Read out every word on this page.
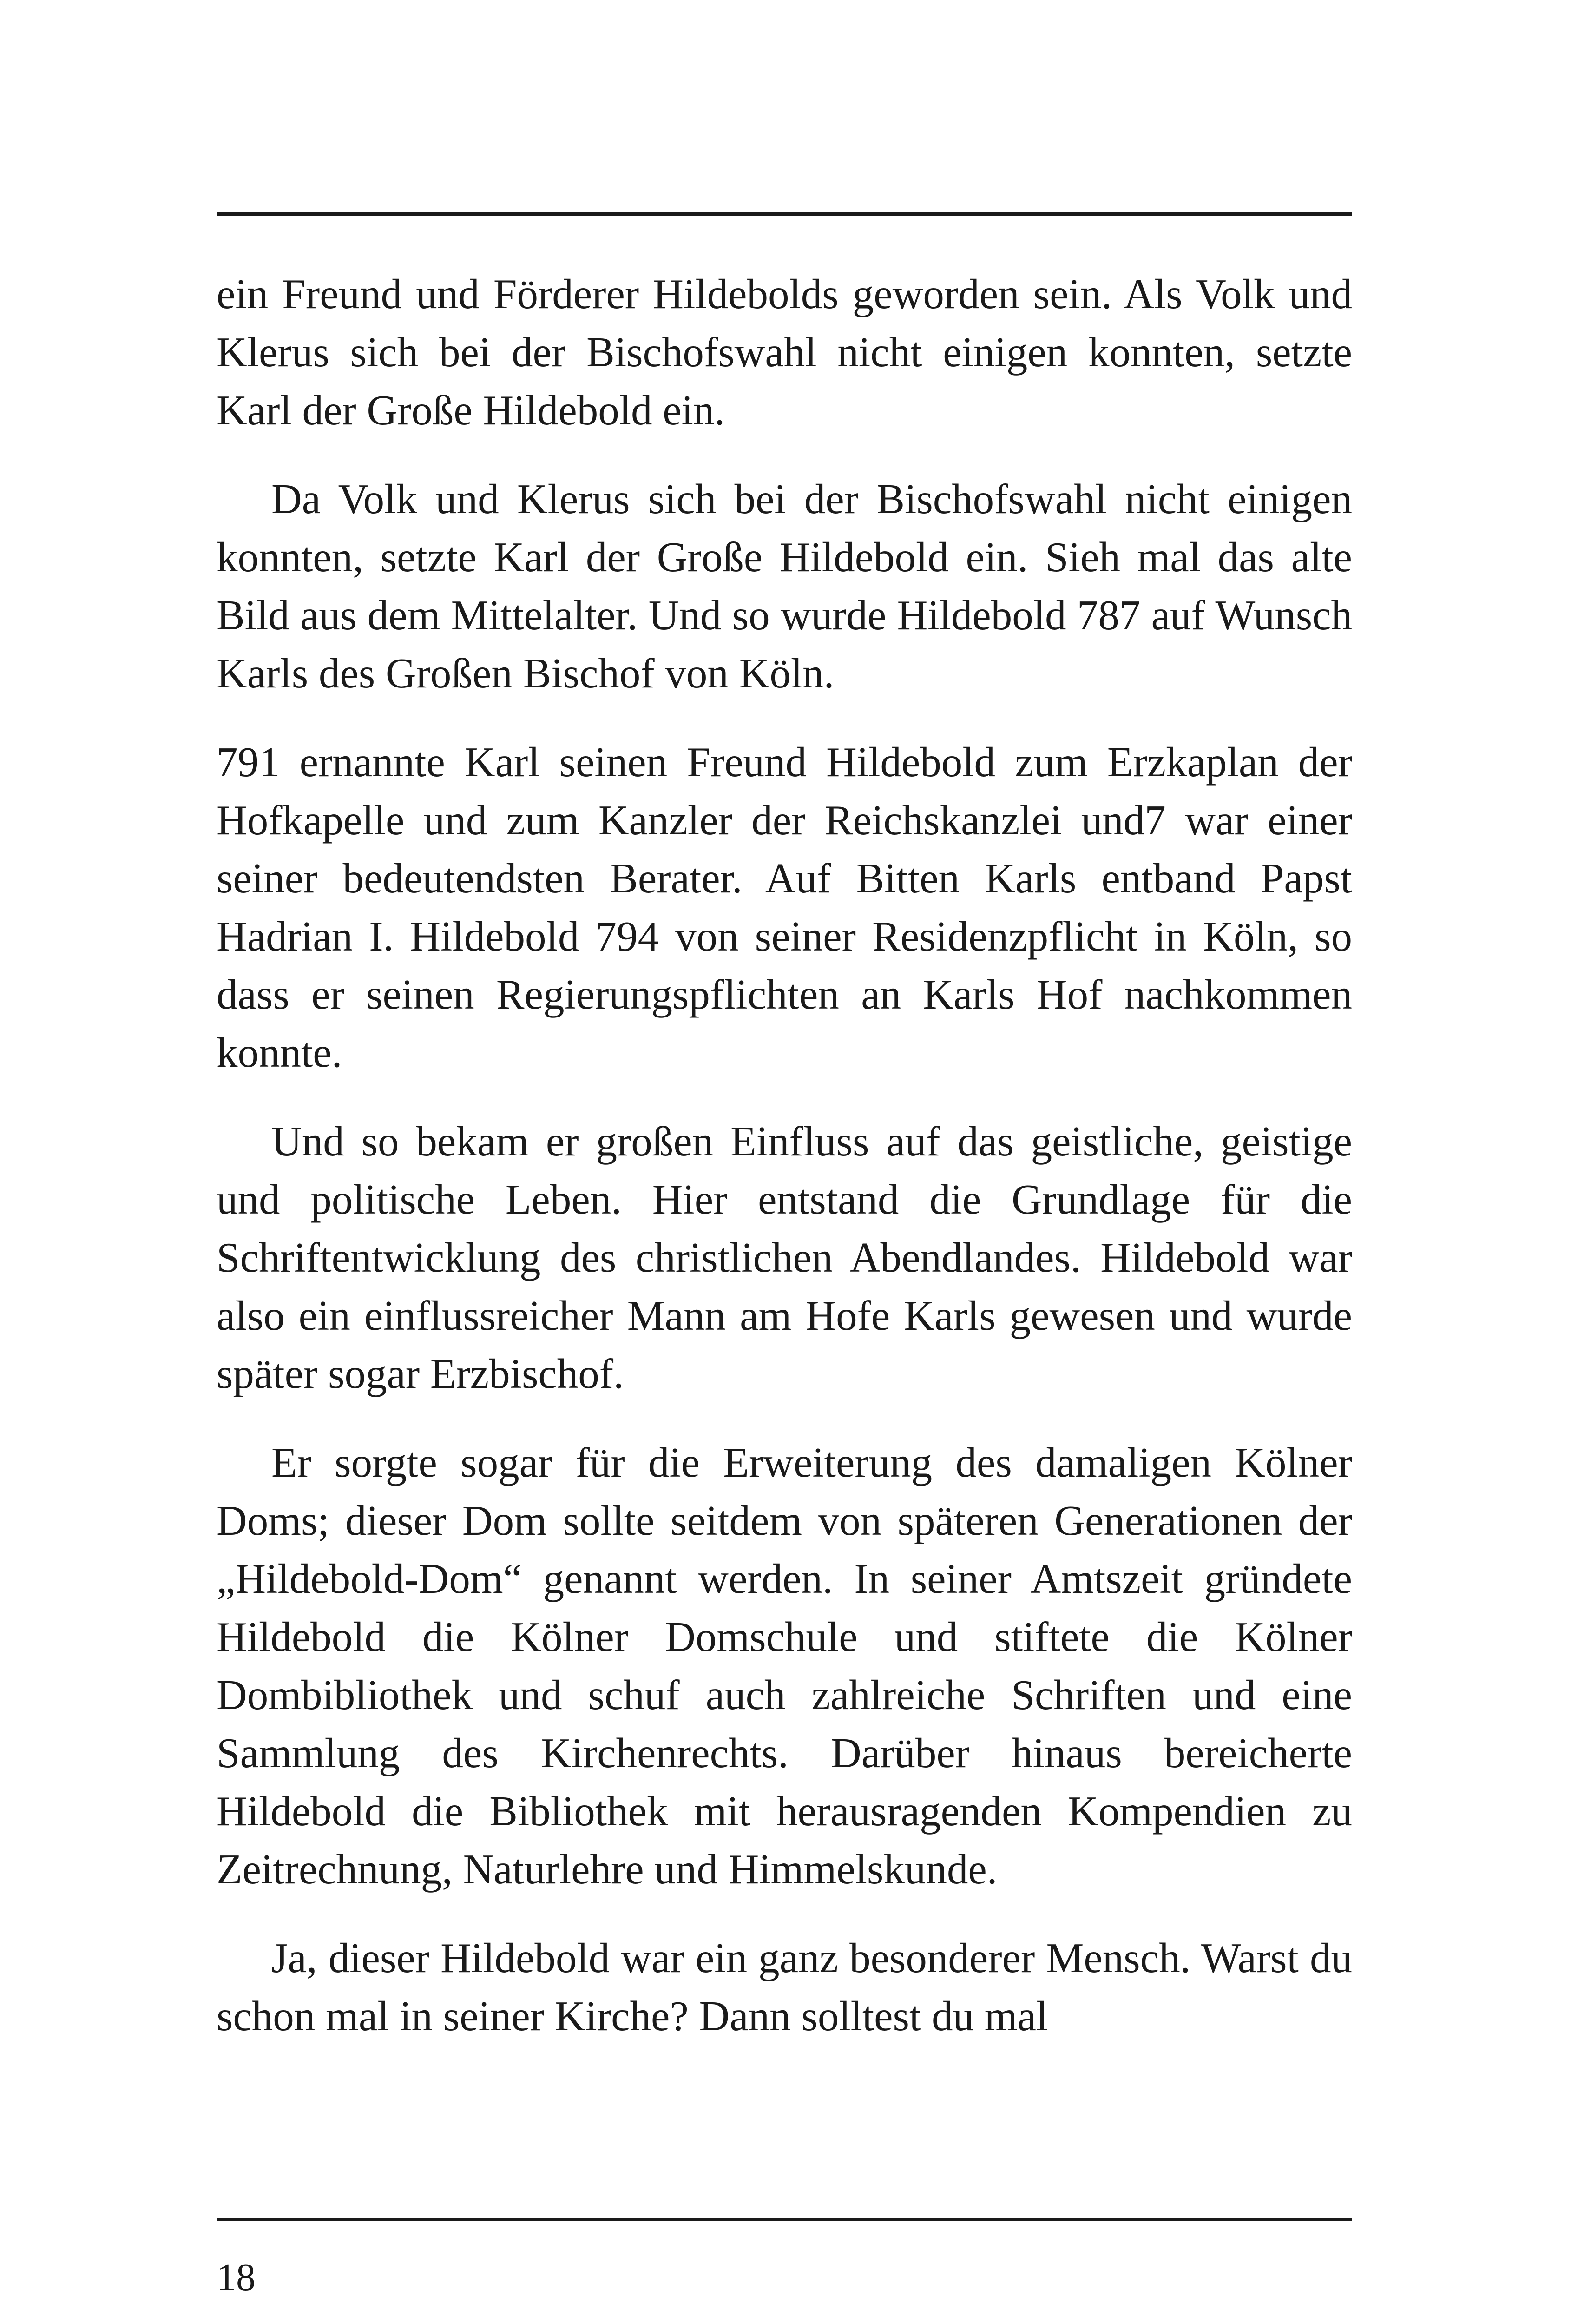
ein Freund und Förderer Hildebolds geworden sein. Als Volk und Klerus sich bei der Bischofswahl nicht einigen konnten, setzte Karl der Große Hildebold ein.

Da Volk und Klerus sich bei der Bischofswahl nicht einigen konnten, setzte Karl der Große Hildebold ein. Sieh mal das alte Bild aus dem Mittelalter. Und so wurde Hildebold 787 auf Wunsch Karls des Großen Bischof von Köln.

791 ernannte Karl seinen Freund Hildebold zum Erzkaplan der Hofkapelle und zum Kanzler der Reichskanzlei und7 war einer seiner bedeutendsten Berater. Auf Bitten Karls entband Papst Hadrian I. Hildebold 794 von seiner Residenzpflicht in Köln, so dass er seinen Regierungspflichten an Karls Hof nachkommen konnte.

Und so bekam er großen Einfluss auf das geistliche, geistige und politische Leben. Hier entstand die Grundlage für die Schriftentwicklung des christlichen Abendlandes. Hildebold war also ein einflussreicher Mann am Hofe Karls gewesen und wurde später sogar Erzbischof.

Er sorgte sogar für die Erweiterung des damaligen Kölner Doms; dieser Dom sollte seitdem von späteren Generationen der „Hildebold-Dom“ genannt werden. In seiner Amtszeit gründete Hildebold die Kölner Domschule und stiftete die Kölner Dombibliothek und schuf auch zahlreiche Schriften und eine Sammlung des Kirchenrechts. Darüber hinaus bereicherte Hildebold die Bibliothek mit herausragenden Kompendien zu Zeitrechnung, Naturlehre und Himmelskunde.

Ja, dieser Hildebold war ein ganz besonderer Mensch. Warst du schon mal in seiner Kirche? Dann solltest du mal

18
